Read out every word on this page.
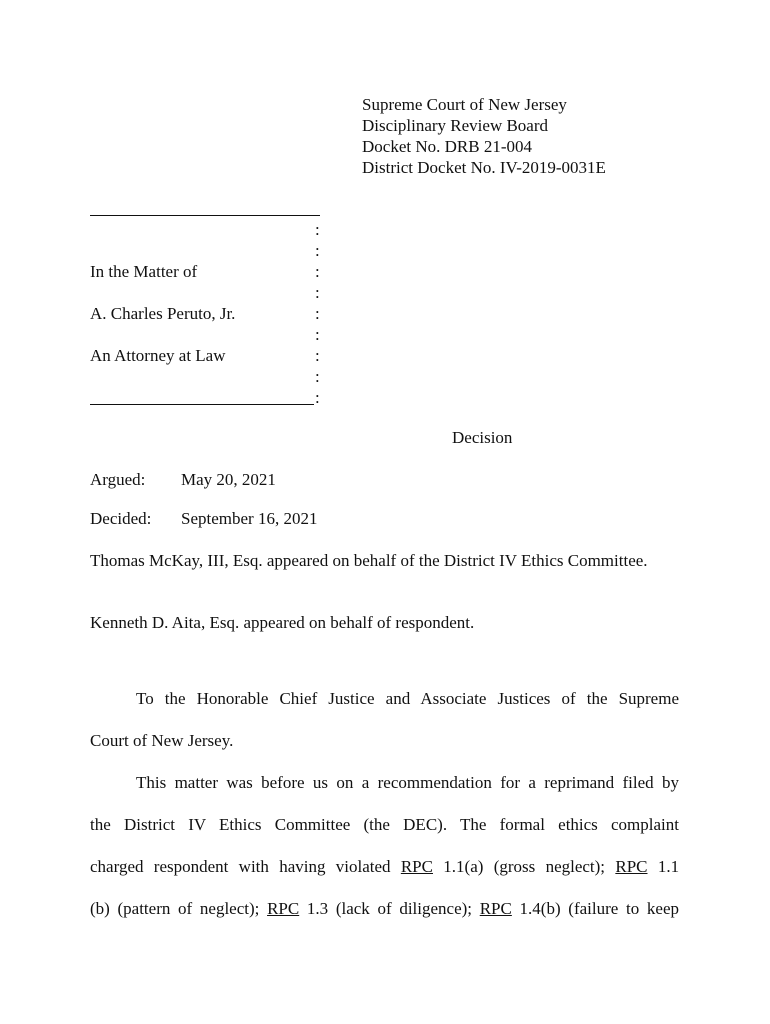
Supreme Court of New Jersey
Disciplinary Review Board
Docket No. DRB 21-004
District Docket No. IV-2019-0031E
:
:
:
:
:
:
:
:
:
In the Matter of
A. Charles Peruto, Jr.
An Attorney at Law
Decision
Argued: May 20, 2021
Decided: September 16, 2021
Thomas McKay, III, Esq. appeared on behalf of the District IV Ethics Committee.
Kenneth D. Aita, Esq. appeared on behalf of respondent.
To the Honorable Chief Justice and Associate Justices of the Supreme
Court of New Jersey.
This matter was before us on a recommendation for a reprimand filed by
the District IV Ethics Committee (the DEC). The formal ethics complaint
charged respondent with having violated RPC 1.1(a) (gross neglect); RPC 1.1
(b) (pattern of neglect); RPC 1.3 (lack of diligence); RPC 1.4(b) (failure to keep
